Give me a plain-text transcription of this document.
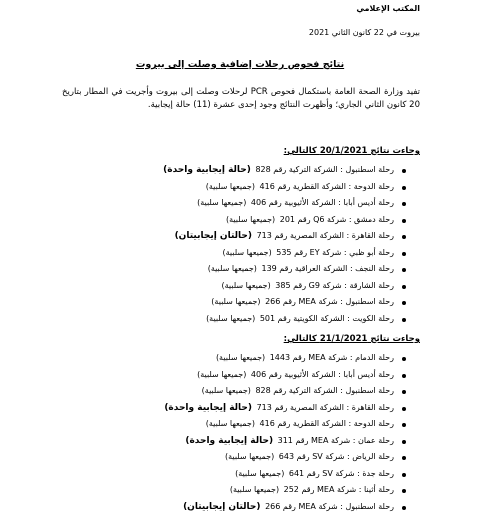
المكتب الإعلامي
بيروت في 22 كانون الثاني 2021
نتائج فحوص رحلات إضافية وصلت إلى بيروت
تفيد وزارة الصحة العامة باستكمال فحوص PCR لرحلات وصلت إلى بيروت وأجريت في المطار بتاريخ 20 كانون الثاني الجاري؛ وأظهرت النتائج وجود إحدى عشرة (11) حالة إيجابية.
وجاءت نتائج 20/1/2021 كالتالي:
رحلة اسطنبول : الشركة التركية رقم 828 (حالة إيجابية واحدة)
رحلة الدوحة : الشركة القطرية رقم 416 (جميعها سلبية)
رحلة أديس أبابا : الشركة الأثيوبية رقم 406 (جميعها سلبية)
رحلة دمشق : شركة Q6 رقم 201 (جميعها سلبية)
رحلة القاهرة : الشركة المصرية رقم 713 (حالتان إيجابيتان)
رحلة أبو ظبي : شركة EY رقم 535 (جميعها سلبية)
رحلة النجف : الشركة العراقية رقم 139 (جميعها سلبية)
رحلة الشارقة : شركة G9 رقم 385 (جميعها سلبية)
رحلة اسطنبول : شركة MEA رقم 266 (جميعها سلبية)
رحلة الكويت : الشركة الكويتية رقم 501 (جميعها سلبية)
وجاءت نتائج 21/1/2021 كالتالي:
رحلة الدمام : شركة MEA رقم 1443 (جميعها سلبية)
رحلة أديس أبابا : الشركة الأثيوبية رقم 406 (جميعها سلبية)
رحلة اسطنبول : الشركة التركية رقم 828 (جميعها سلبية)
رحلة القاهرة : الشركة المصرية رقم 713 (حالة إيجابية واحدة)
رحلة الدوحة : الشركة القطرية رقم 416 (جميعها سلبية)
رحلة عمان : شركة MEA رقم 311 (حالة إيجابية واحدة)
رحلة الرياض : شركة SV رقم 643 (جميعها سلبية)
رحلة جدة : شركة SV رقم 641 (جميعها سلبية)
رحلة أثينا : شركة MEA رقم 252 (جميعها سلبية)
رحلة اسطنبول : شركة MEA رقم 266 (حالتان إيجابيتان)
